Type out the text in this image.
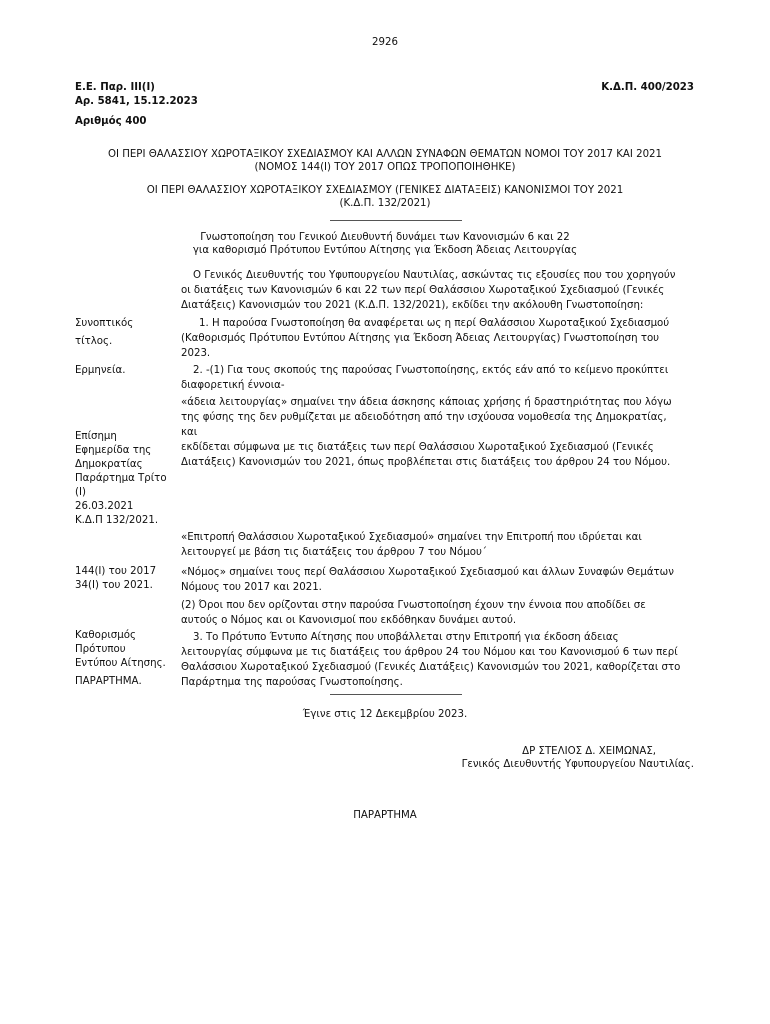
2926
Ε.Ε. Παρ. ΙΙΙ(Ι)
Αρ. 5841, 15.12.2023
Κ.Δ.Π. 400/2023
Αριθμός 400
ΟΙ ΠΕΡΙ ΘΑΛΑΣΣΙΟΥ ΧΩΡΟΤΑΞΙΚΟΥ ΣΧΕΔΙΑΣΜΟΥ ΚΑΙ ΑΛΛΩΝ ΣΥΝΑΦΩΝ ΘΕΜΑΤΩΝ ΝΟΜΟΙ ΤΟΥ 2017 ΚΑΙ 2021
(ΝΟΜΟΣ 144(Ι) ΤΟΥ 2017 ΟΠΩΣ ΤΡΟΠΟΠΟΙΗΘΗΚΕ)
ΟΙ ΠΕΡΙ ΘΑΛΑΣΣΙΟΥ ΧΩΡΟΤΑΞΙΚΟΥ ΣΧΕΔΙΑΣΜΟΥ (ΓΕΝΙΚΕΣ ΔΙΑΤΑΞΕΙΣ) ΚΑΝΟΝΙΣΜΟΙ ΤΟΥ 2021
(Κ.Δ.Π. 132/2021)
Γνωστοποίηση του Γενικού Διευθυντή δυνάμει των Κανονισμών 6 και 22
για καθορισμό Πρότυπου Εντύπου Αίτησης για Έκδοση Άδειας Λειτουργίας
Ο Γενικός Διευθυντής του Υφυπουργείου Ναυτιλίας, ασκώντας τις εξουσίες που του χορηγούν
οι διατάξεις των Κανονισμών 6 και 22 των περί Θαλάσσιου Χωροταξικού Σχεδιασμού (Γενικές
Διατάξεις) Κανονισμών του 2021 (Κ.Δ.Π. 132/2021), εκδίδει την ακόλουθη Γνωστοποίηση:
Συνοπτικός
τίτλος.
1. Η παρούσα Γνωστοποίηση θα αναφέρεται ως η περί Θαλάσσιου Χωροταξικού Σχεδιασμού
(Καθορισμός Πρότυπου Εντύπου Αίτησης για Έκδοση Άδειας Λειτουργίας) Γνωστοποίηση του
2023.
Ερμηνεία.	2. -(1) Για τους σκοπούς της παρούσας Γνωστοποίησης, εκτός εάν από το κείμενο προκύπτει
διαφορετική έννοια-
«άδεια λειτουργίας» σημαίνει την άδεια άσκησης κάποιας χρήσης ή δραστηριότητας που λόγω
της φύσης της δεν ρυθμίζεται με αδειοδότηση από την ισχύουσα νομοθεσία της Δημοκρατίας, και
εκδίδεται σύμφωνα με τις διατάξεις των περί Θαλάσσιου Χωροταξικού Σχεδιασμού (Γενικές
Διατάξεις) Κανονισμών του 2021, όπως προβλέπεται στις διατάξεις του άρθρου 24 του Νόμου.
Επίσημη
Εφημερίδα της
Δημοκρατίας
Παράρτημα Τρίτο
(Ι)
26.03.2021
Κ.Δ.Π 132/2021.
«Επιτροπή Θαλάσσιου Χωροταξικού Σχεδιασμού» σημαίνει την Επιτροπή που ιδρύεται και
λειτουργεί με βάση τις διατάξεις του άρθρου 7 του Νόμου΄
144(Ι) του 2017
34(Ι) του 2021.
«Νόμος» σημαίνει τους περί Θαλάσσιου Χωροταξικού Σχεδιασμού και άλλων Συναφών Θεμάτων
Νόμους του 2017 και 2021.
(2) Όροι που δεν ορίζονται στην παρούσα Γνωστοποίηση έχουν την έννοια που αποδίδει σε
αυτούς ο Νόμος και οι Κανονισμοί που εκδόθηκαν δυνάμει αυτού.
Καθορισμός
Πρότυπου
Εντύπου Αίτησης.
ΠΑΡΑΡΤΗΜΑ.
3. Το Πρότυπο Έντυπο Αίτησης που υποβάλλεται στην Επιτροπή για έκδοση άδειας
λειτουργίας σύμφωνα με τις διατάξεις του άρθρου 24 του Νόμου και του Κανονισμού 6 των περί
Θαλάσσιου Χωροταξικού Σχεδιασμού (Γενικές Διατάξεις) Κανονισμών του 2021, καθορίζεται στο
Παράρτημα της παρούσας Γνωστοποίησης.
Έγινε στις 12 Δεκεμβρίου 2023.
ΔΡ ΣΤΕΛΙΟΣ Δ. ΧΕΙΜΩΝΑΣ,
Γενικός Διευθυντής Υφυπουργείου Ναυτιλίας.
ΠΑΡΑΡΤΗΜΑ
